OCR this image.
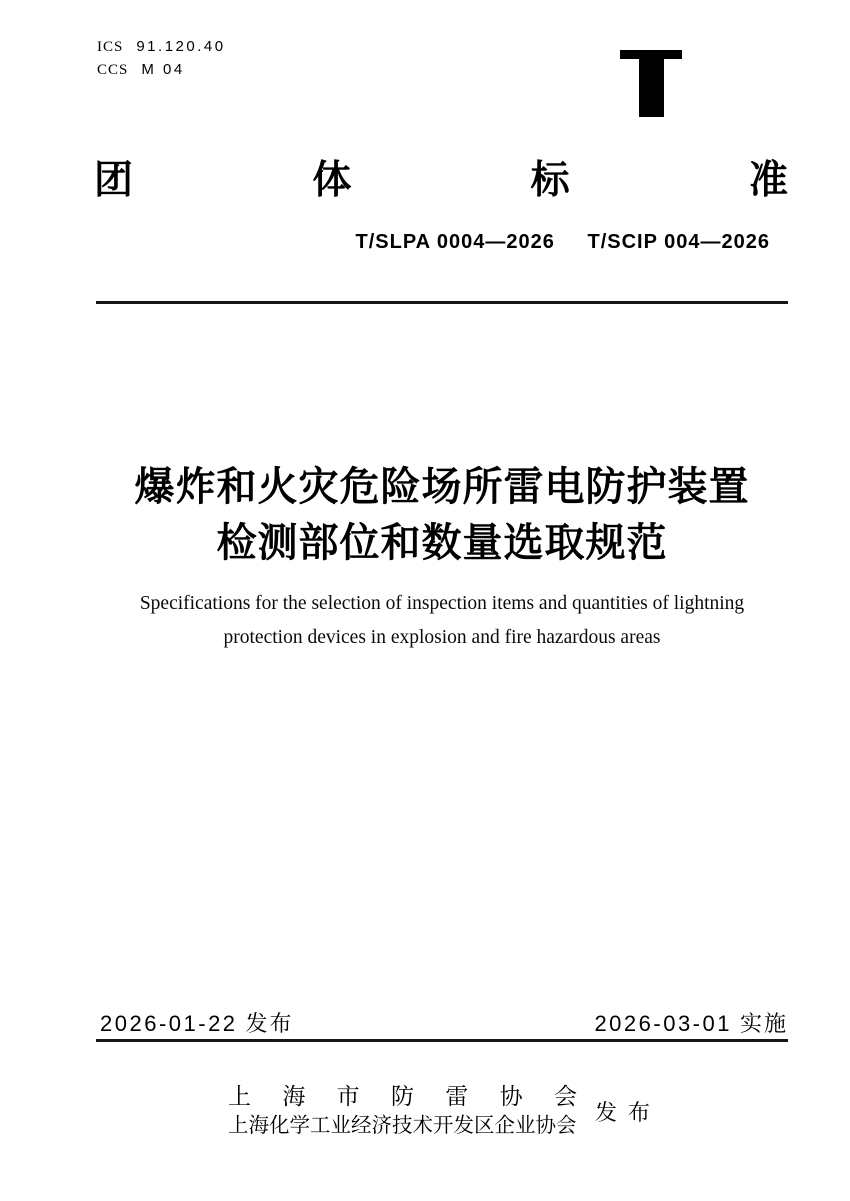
ICS 91.120.40
CCS M 04
团	体	标	准
T/SLPA 0004—2026 T/SCIP 004—2026
爆炸和火灾危险场所雷电防护装置
检测部位和数量选取规范
Specifications for the selection of inspection items and quantities of lightning
protection devices in explosion and fire hazardous areas
2026-01-22 发布	2026-03-01 实施
上 海 市 防 雷 协 会
上海化学工业经济技术开发区企业协会
发 布
